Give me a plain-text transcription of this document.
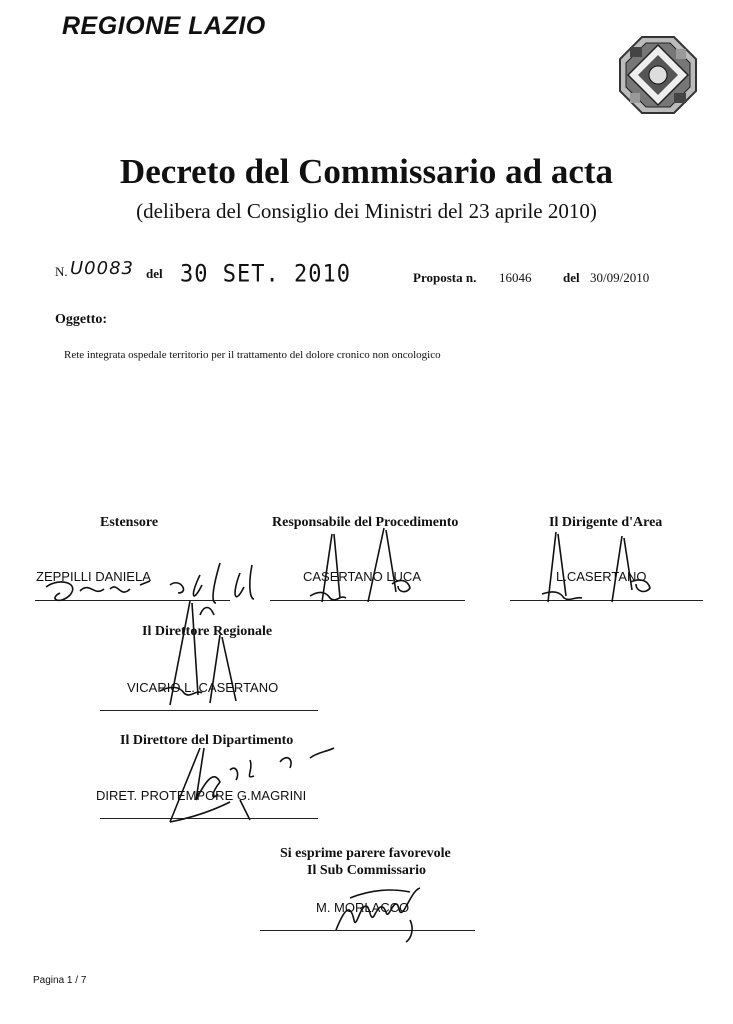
REGIONE LAZIO
Decreto del Commissario ad acta
(delibera del Consiglio dei Ministri del 23 aprile 2010)
N. U0083 del 30 SET. 2010	Proposta n. 16046 del 30/09/2010
Oggetto:
Rete integrata ospedale territorio per il trattamento del dolore cronico non oncologico
Estensore	Responsabile del Procedimento	Il Dirigente d'Area
ZEPPILLI DANIELA	CASERTANO LUCA	L.CASERTANO
Il Direttore Regionale
VICARIO L. CASERTANO
Il Direttore del Dipartimento
DIRET. PROTEMPORE G.MAGRINI
Si esprime parere favorevole
Il Sub Commissario
M. MORLACCO
Pagina 1 / 7
